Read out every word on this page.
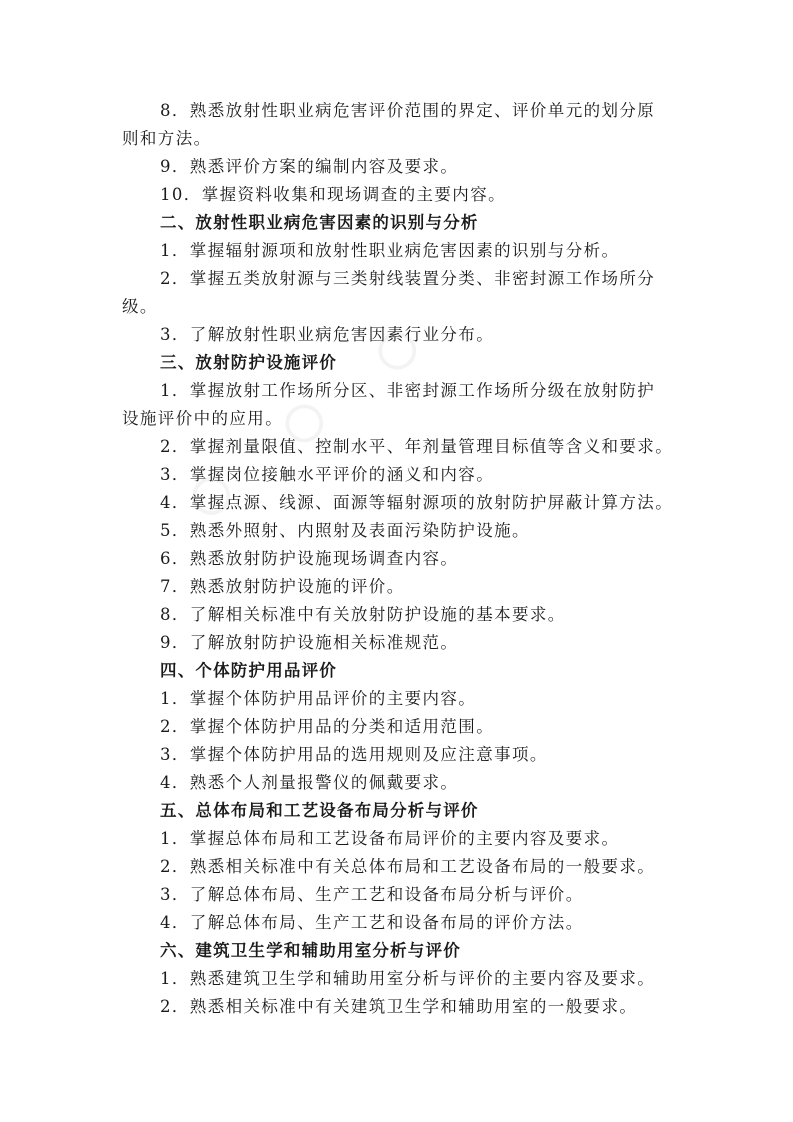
8．熟悉放射性职业病危害评价范围的界定、评价单元的划分原
则和方法。
9．熟悉评价方案的编制内容及要求。
10．掌握资料收集和现场调查的主要内容。
二、放射性职业病危害因素的识别与分析
1．掌握辐射源项和放射性职业病危害因素的识别与分析。
2．掌握五类放射源与三类射线装置分类、非密封源工作场所分
级。
3．了解放射性职业病危害因素行业分布。
三、放射防护设施评价
1．掌握放射工作场所分区、非密封源工作场所分级在放射防护
设施评价中的应用。
2．掌握剂量限值、控制水平、年剂量管理目标值等含义和要求。
3．掌握岗位接触水平评价的涵义和内容。
4．掌握点源、线源、面源等辐射源项的放射防护屏蔽计算方法。
5．熟悉外照射、内照射及表面污染防护设施。
6．熟悉放射防护设施现场调查内容。
7．熟悉放射防护设施的评价。
8．了解相关标准中有关放射防护设施的基本要求。
9．了解放射防护设施相关标准规范。
四、个体防护用品评价
1．掌握个体防护用品评价的主要内容。
2．掌握个体防护用品的分类和适用范围。
3．掌握个体防护用品的选用规则及应注意事项。
4．熟悉个人剂量报警仪的佩戴要求。
五、总体布局和工艺设备布局分析与评价
1．掌握总体布局和工艺设备布局评价的主要内容及要求。
2．熟悉相关标准中有关总体布局和工艺设备布局的一般要求。
3．了解总体布局、生产工艺和设备布局分析与评价。
4．了解总体布局、生产工艺和设备布局的评价方法。
六、建筑卫生学和辅助用室分析与评价
1．熟悉建筑卫生学和辅助用室分析与评价的主要内容及要求。
2．熟悉相关标准中有关建筑卫生学和辅助用室的一般要求。
